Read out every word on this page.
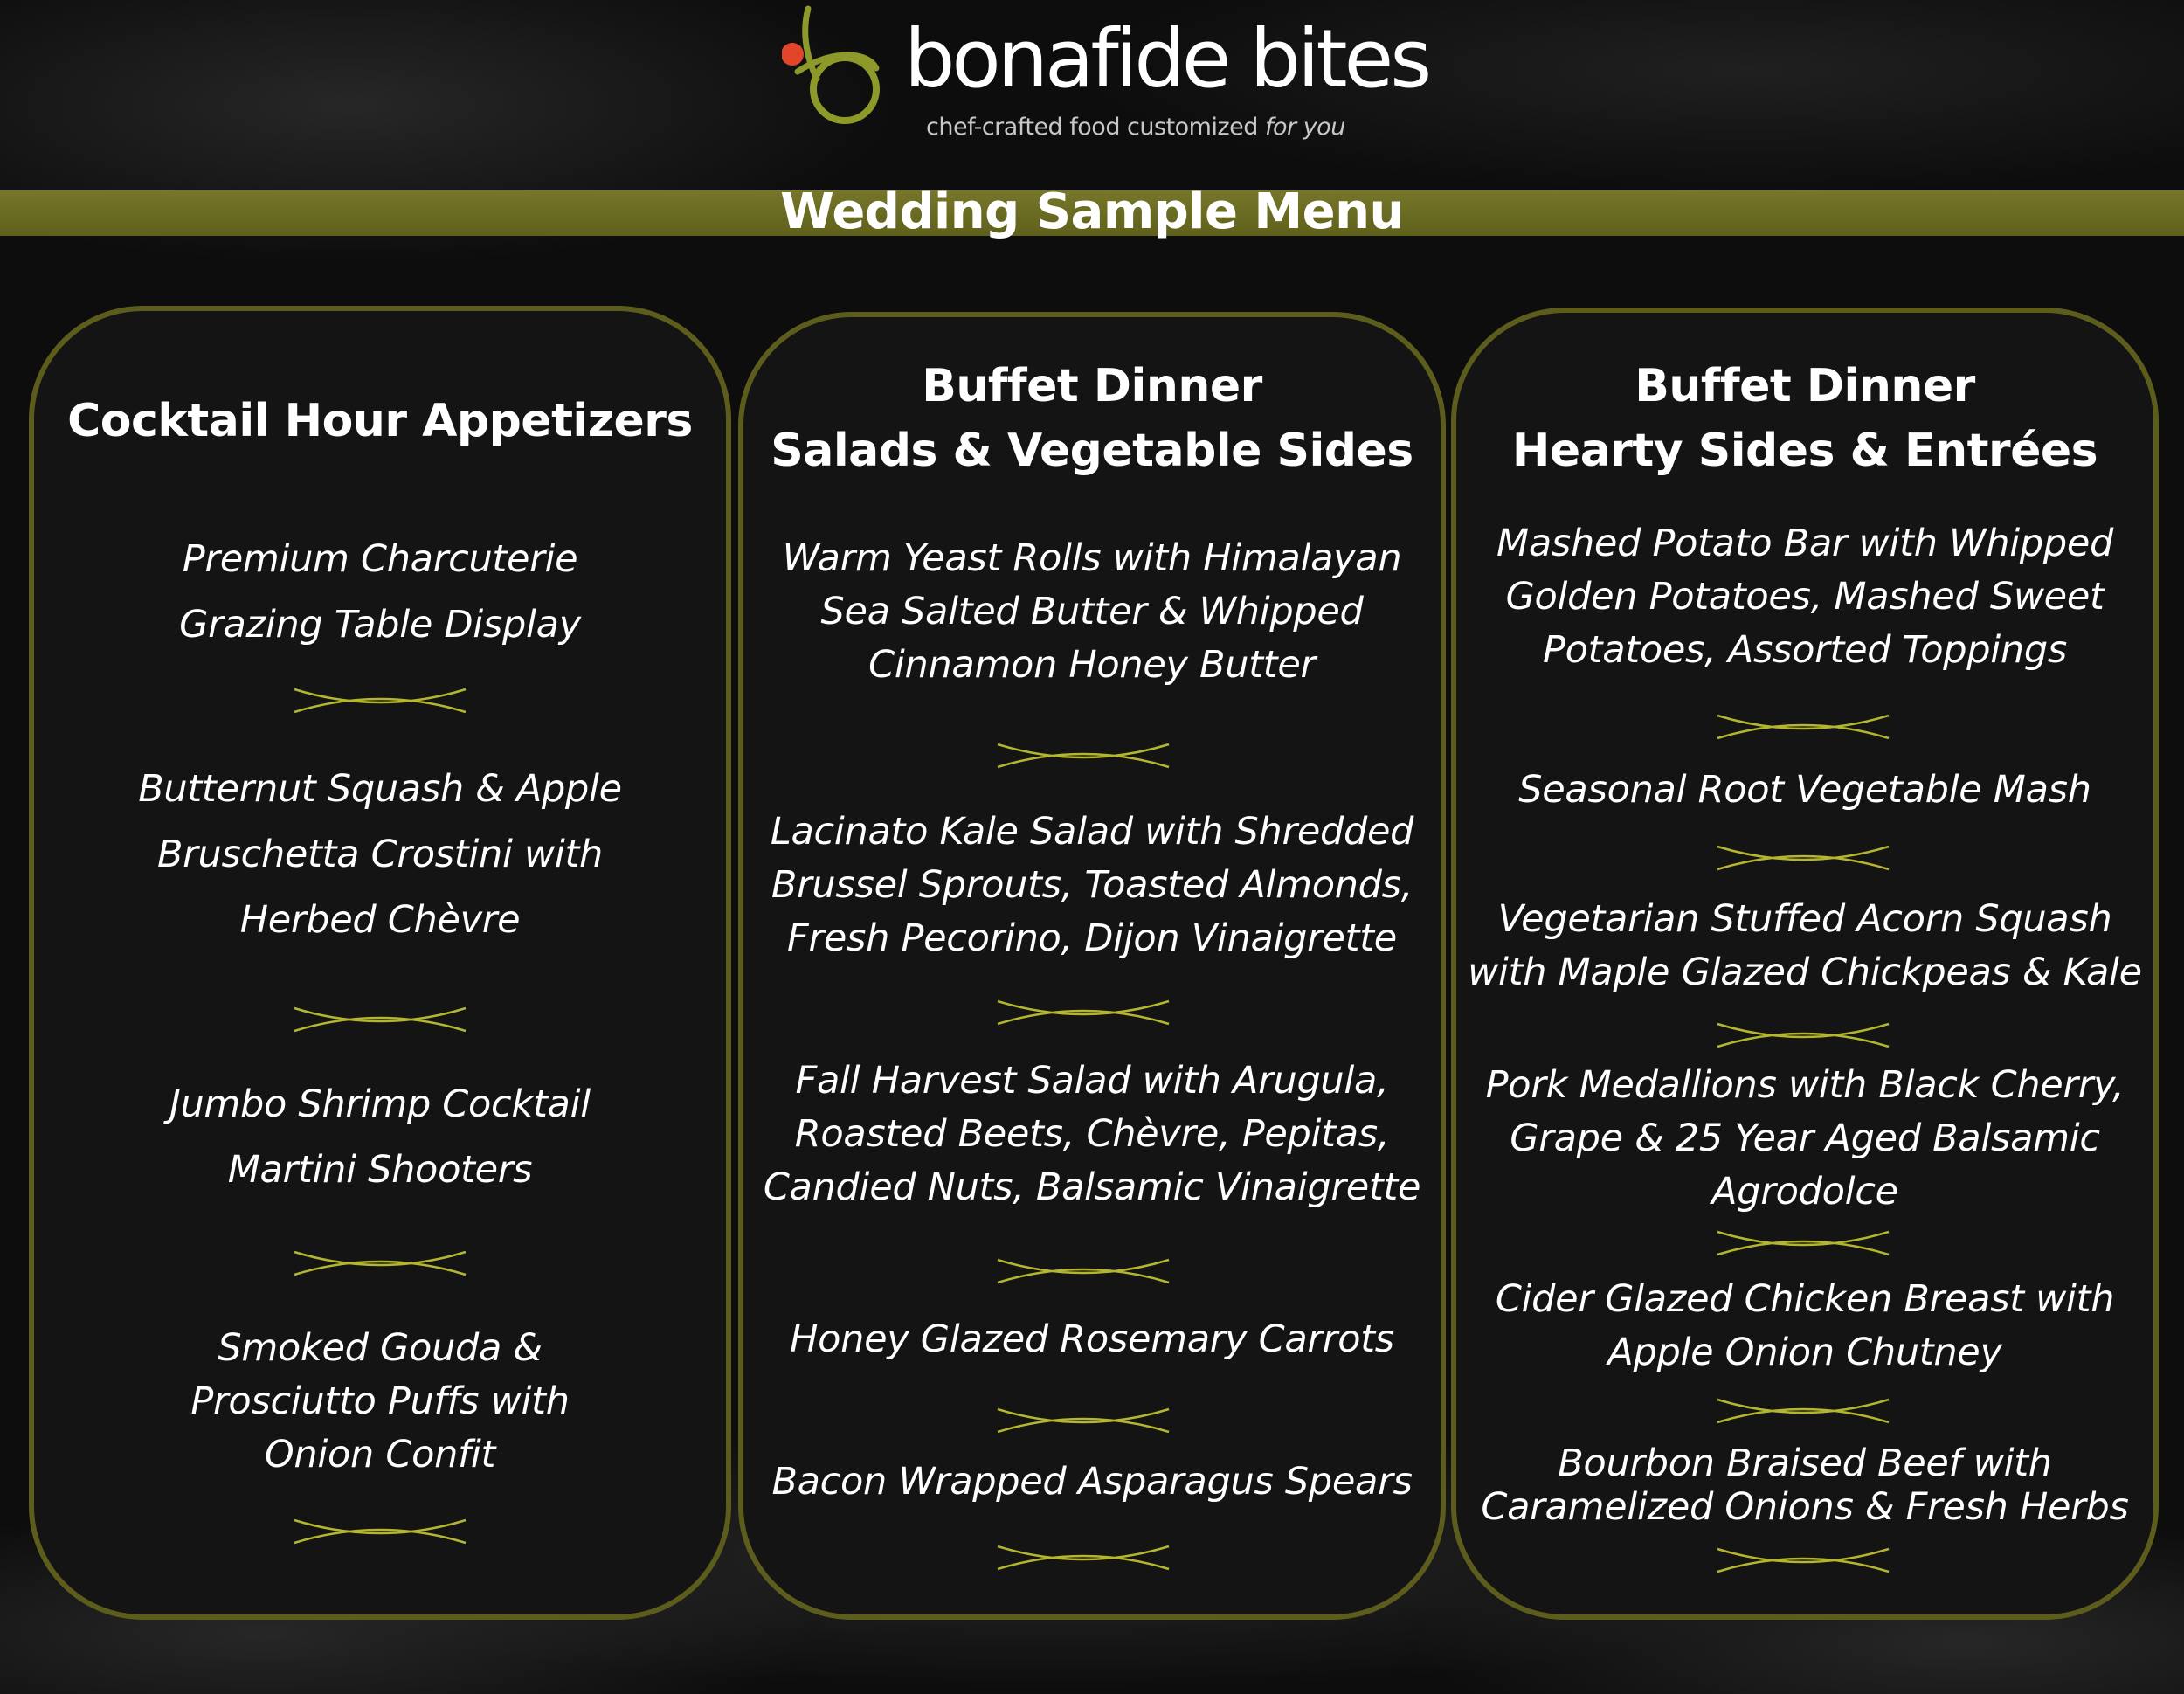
bonafide bites
chef-crafted food customized for you
Wedding Sample Menu
Cocktail Hour Appetizers
Premium Charcuterie
Grazing Table Display
Butternut Squash & Apple
Bruschetta Crostini with
Herbed Chèvre
Jumbo Shrimp Cocktail
Martini Shooters
Smoked Gouda &
Prosciutto Puffs with
Onion Confit
Buffet Dinner
Salads & Vegetable Sides
Warm Yeast Rolls with Himalayan
Sea Salted Butter & Whipped
Cinnamon Honey Butter
Lacinato Kale Salad with Shredded
Brussel Sprouts, Toasted Almonds,
Fresh Pecorino, Dijon Vinaigrette
Fall Harvest Salad with Arugula,
Roasted Beets, Chèvre, Pepitas,
Candied Nuts, Balsamic Vinaigrette
Honey Glazed Rosemary Carrots
Bacon Wrapped Asparagus Spears
Buffet Dinner
Hearty Sides & Entrées
Mashed Potato Bar with Whipped
Golden Potatoes, Mashed Sweet
Potatoes, Assorted Toppings
Seasonal Root Vegetable Mash
Vegetarian Stuffed Acorn Squash
with Maple Glazed Chickpeas & Kale
Pork Medallions with Black Cherry,
Grape & 25 Year Aged Balsamic
Agrodolce
Cider Glazed Chicken Breast with
Apple Onion Chutney
Bourbon Braised Beef with
Caramelized Onions & Fresh Herbs
